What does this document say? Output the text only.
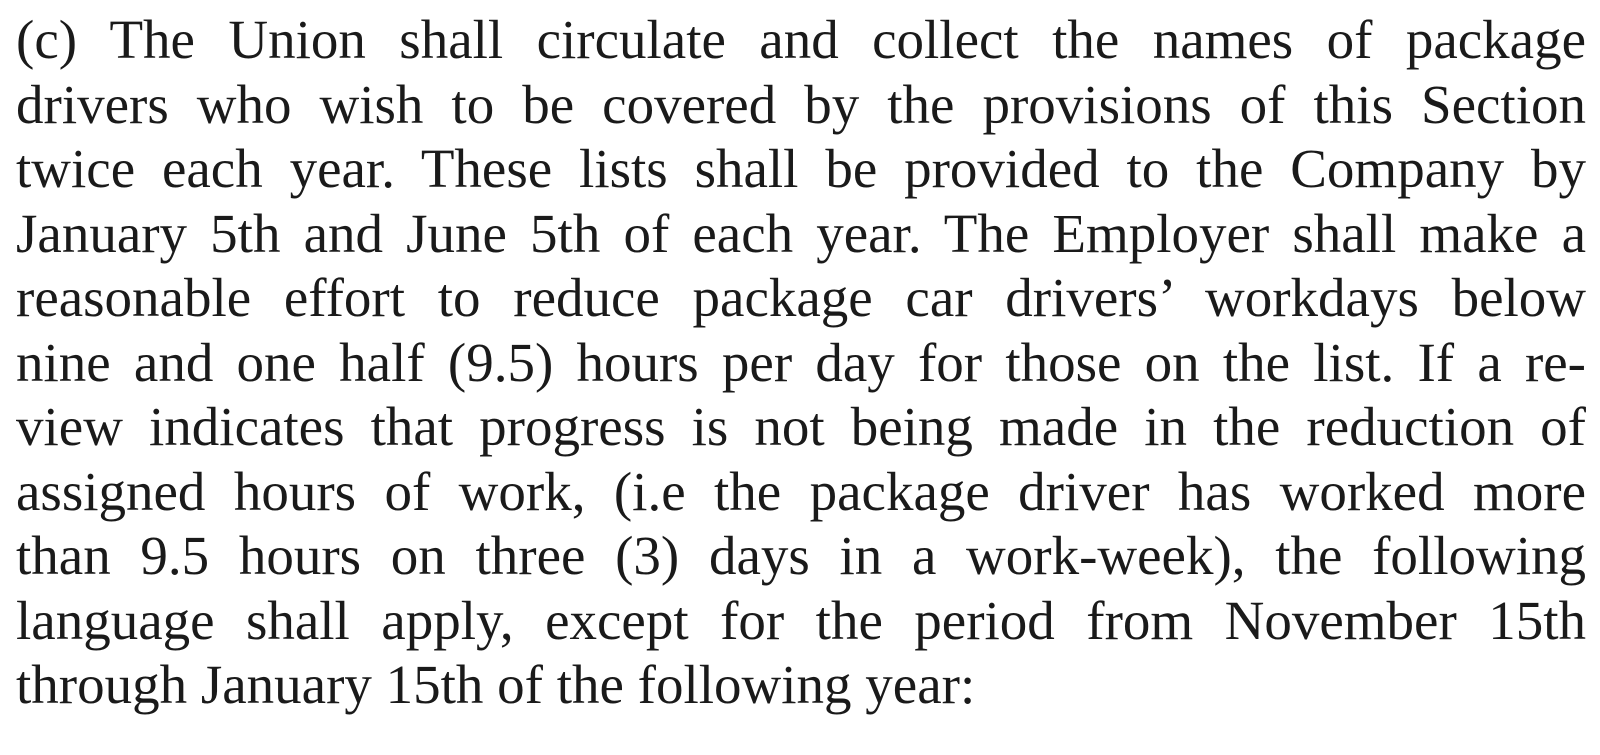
(c) The Union shall circulate and collect the names of package
drivers who wish to be covered by the provisions of this Section
twice each year. These lists shall be provided to the Company by
January 5th and June 5th of each year. The Employer shall make a
reasonable effort to reduce package car drivers’ workdays below
nine and one half (9.5) hours per day for those on the list. If a re-
view indicates that progress is not being made in the reduction of
assigned hours of work, (i.e the package driver has worked more
than 9.5 hours on three (3) days in a work-week), the following
language shall apply, except for the period from November 15th
through January 15th of the following year:
